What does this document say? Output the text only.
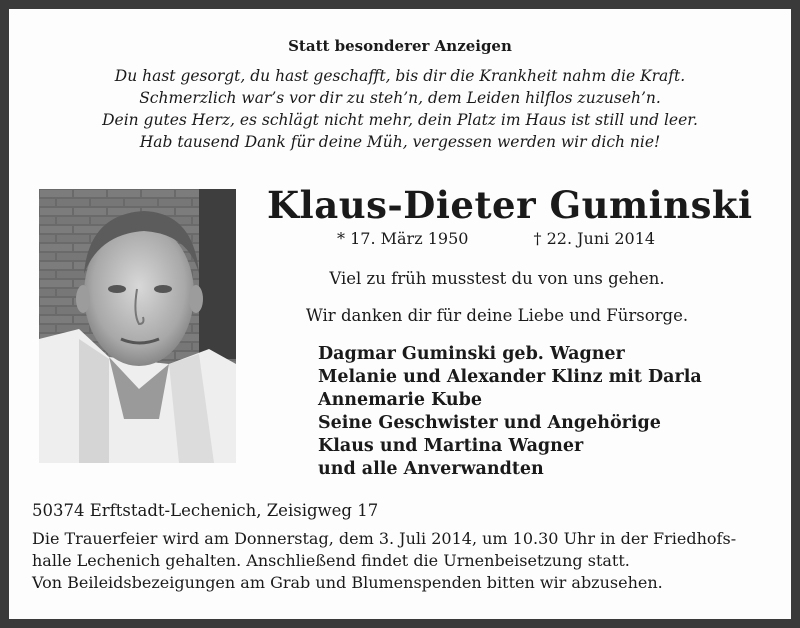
Statt besonderer Anzeigen
Du hast gesorgt, du hast geschafft, bis dir die Krankheit nahm die Kraft.
Schmerzlich war’s vor dir zu steh’n, dem Leiden hilflos zuzuseh’n.
Dein gutes Herz, es schlägt nicht mehr, dein Platz im Haus ist still und leer.
Hab tausend Dank für deine Müh, vergessen werden wir dich nie!
Klaus-Dieter Guminski
* 17. März 1950	† 22. Juni 2014
Viel zu früh musstest du von uns gehen.
Wir danken dir für deine Liebe und Fürsorge.
Dagmar Guminski geb. Wagner
Melanie und Alexander Klinz mit Darla
Annemarie Kube
Seine Geschwister und Angehörige
Klaus und Martina Wagner
und alle Anverwandten
50374 Erftstadt-Lechenich, Zeisigweg 17
Die Trauerfeier wird am Donnerstag, dem 3. Juli 2014, um 10.30 Uhr in der Friedhofs-
halle Lechenich gehalten. Anschließend findet die Urnenbeisetzung statt.
Von Beileidsbezeigungen am Grab und Blumenspenden bitten wir abzusehen.
